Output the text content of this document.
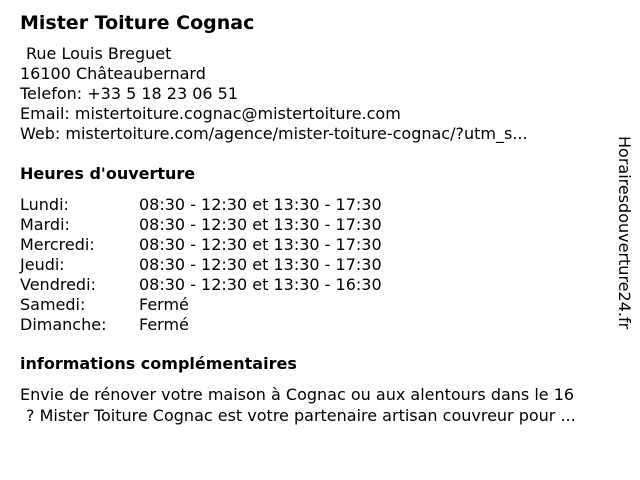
Mister Toiture Cognac
Rue Louis Breguet
16100 Châteaubernard
Telefon: +33 5 18 23 06 51
Email: mistertoiture.cognac@mistertoiture.com
Web: mistertoiture.com/agence/mister-toiture-cognac/?utm_s...
Heures d'ouverture
Lundi:	08:30 - 12:30 et 13:30 - 17:30
Mardi:	08:30 - 12:30 et 13:30 - 17:30
Mercredi:	08:30 - 12:30 et 13:30 - 17:30
Jeudi:	08:30 - 12:30 et 13:30 - 17:30
Vendredi:	08:30 - 12:30 et 13:30 - 16:30
Samedi:	Fermé
Dimanche:	Fermé
informations complémentaires
Envie de rénover votre maison à Cognac ou aux alentours dans le 16
? Mister Toiture Cognac est votre partenaire artisan couvreur pour ...
Horairesdouverture24.fr
